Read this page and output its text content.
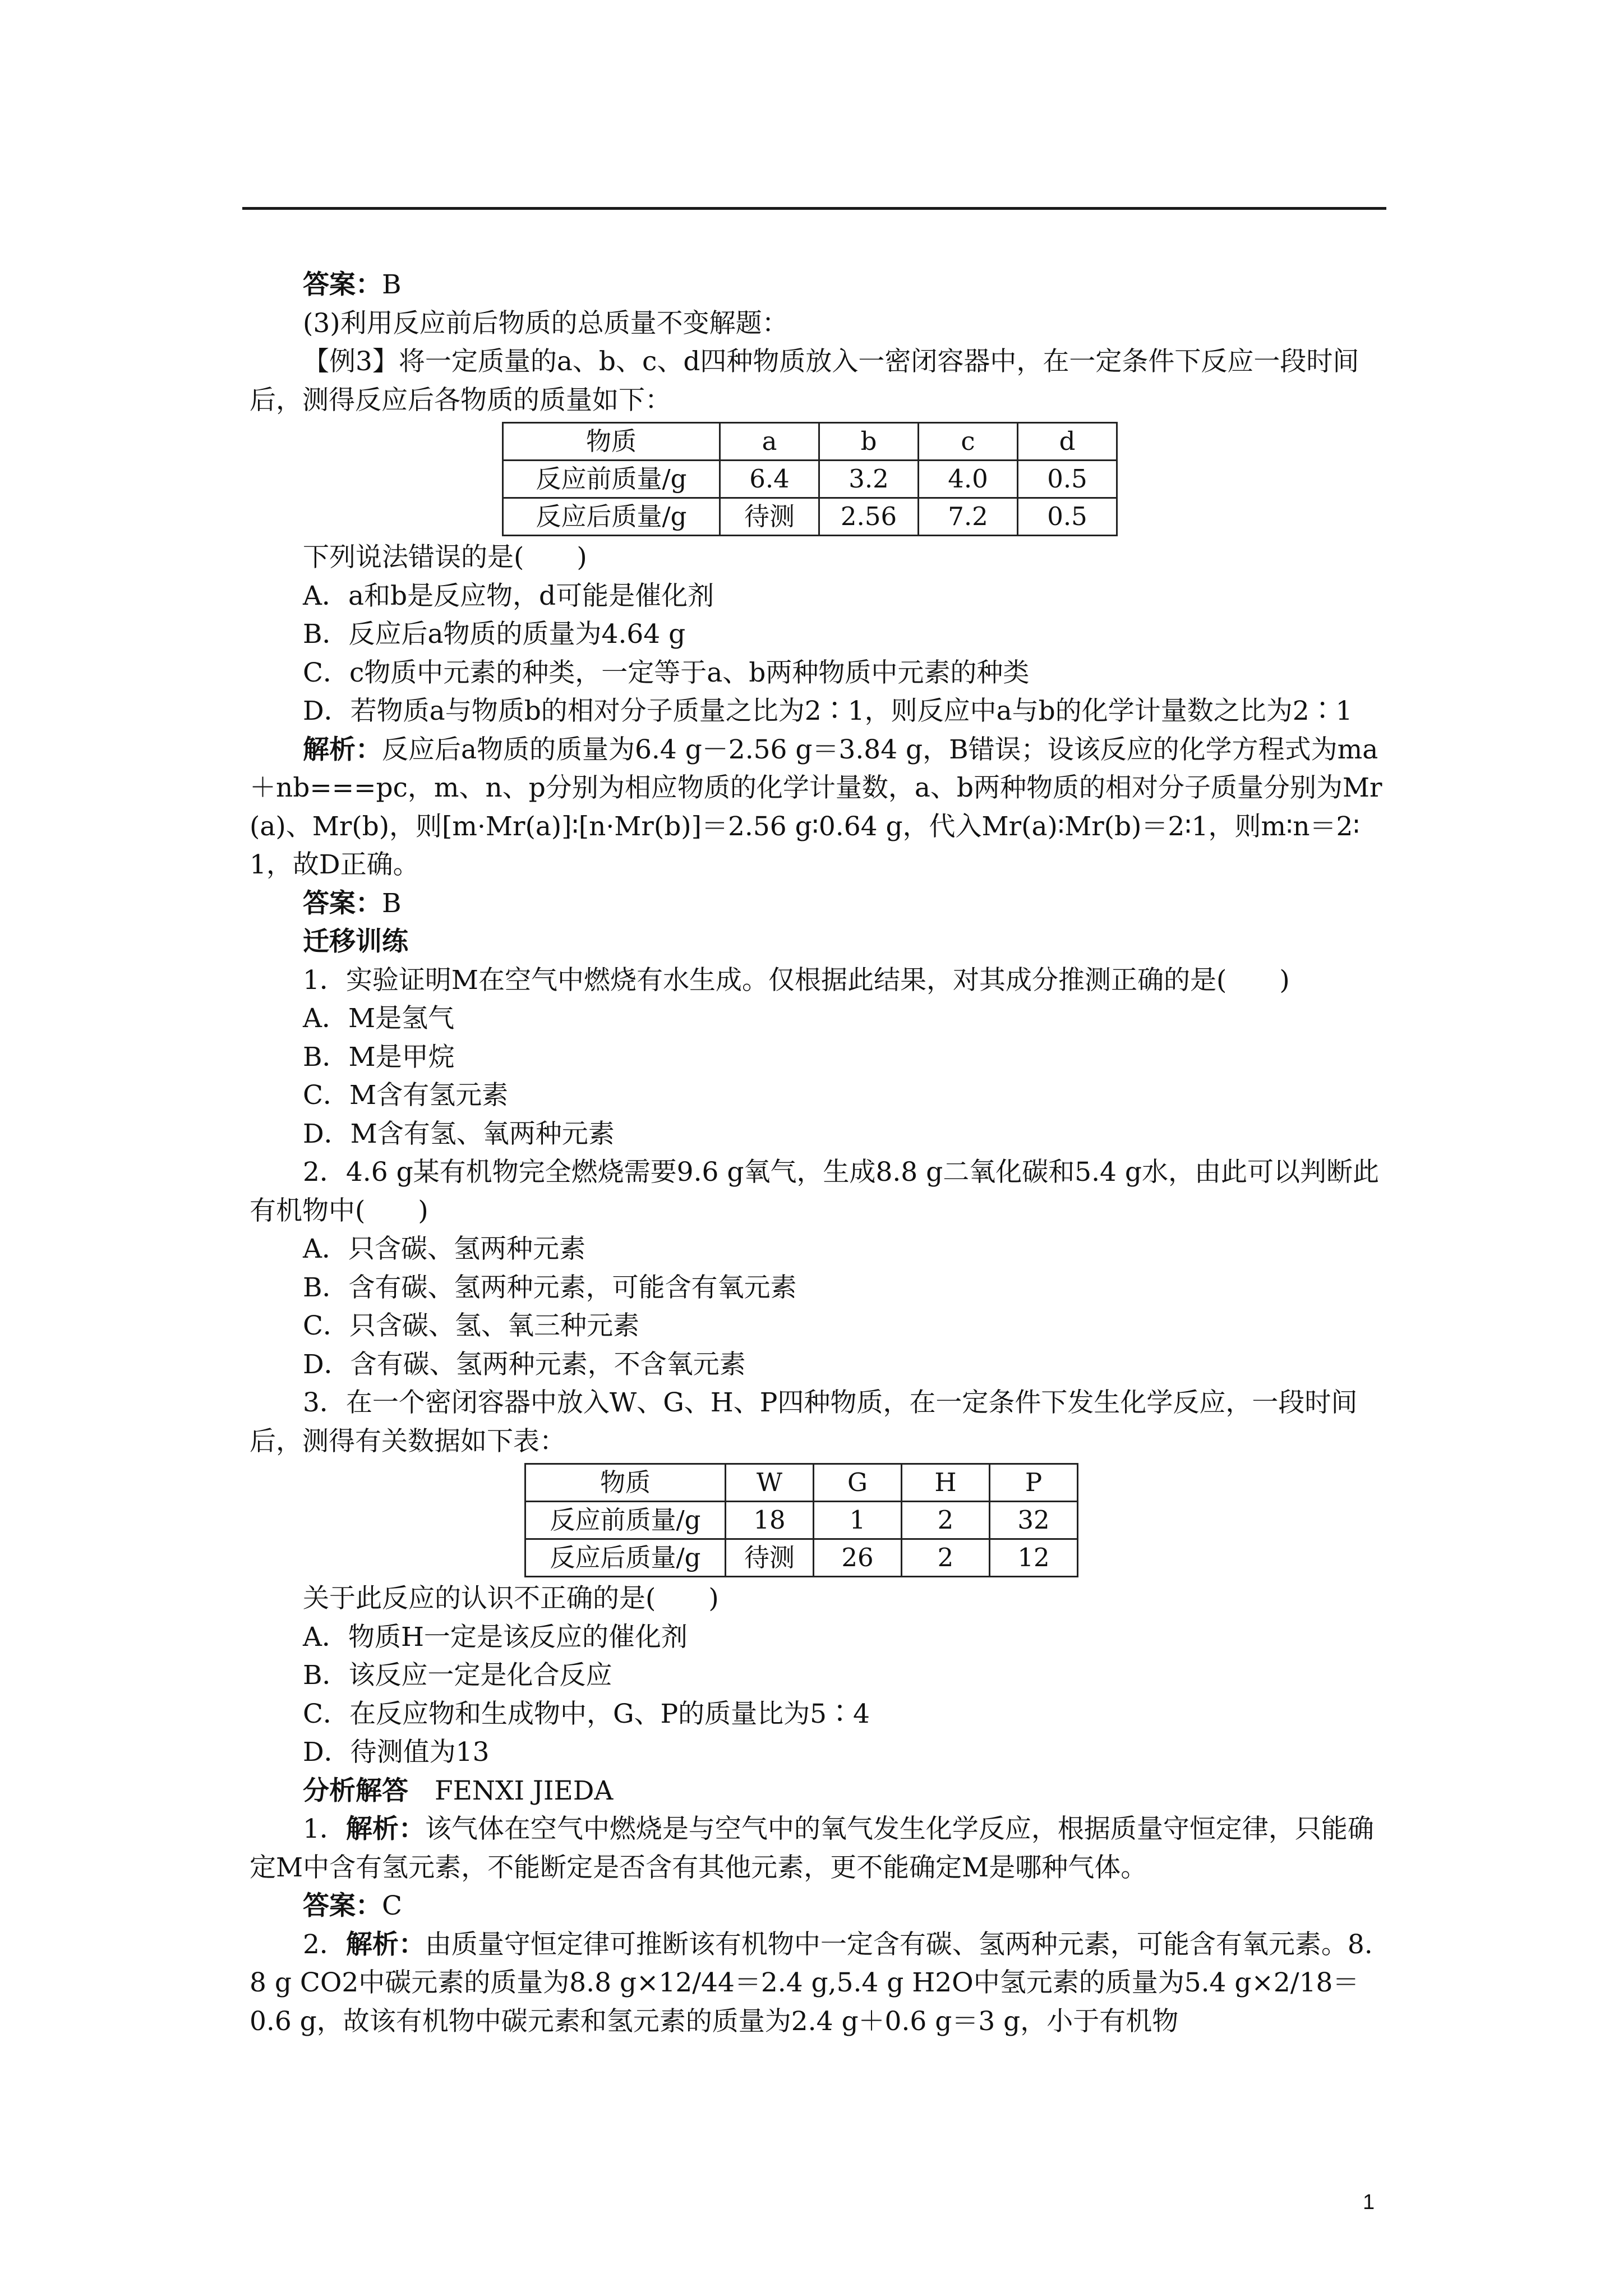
答案：B

(3)利用反应前后物质的总质量不变解题：

【例3】将一定质量的a、b、c、d四种物质放入一密闭容器中，在一定条件下反应一段时间后，测得反应后各物质的质量如下：

物质	a	b	c	d
反应前质量/g	6.4	3.2	4.0	0.5
反应后质量/g	待测	2.56	7.2	0.5

下列说法错误的是(　　)

A．a和b是反应物，d可能是催化剂

B．反应后a物质的质量为4.64 g

C．c物质中元素的种类，一定等于a、b两种物质中元素的种类

D．若物质a与物质b的相对分子质量之比为2∶1，则反应中a与b的化学计量数之比为2∶1

解析：反应后a物质的质量为6.4 g－2.56 g＝3.84 g，B错误；设该反应的化学方程式为ma＋nb===pc，m、n、p分别为相应物质的化学计量数，a、b两种物质的相对分子质量分别为Mr(a)、Mr(b)，则[m·Mr(a)]∶[n·Mr(b)]＝2.56 g∶0.64 g，代入Mr(a)∶Mr(b)＝2∶1，则m∶n＝2∶1，故D正确。

答案：B

迁移训练

1．实验证明M在空气中燃烧有水生成。仅根据此结果，对其成分推测正确的是(　　)

A．M是氢气

B．M是甲烷

C．M含有氢元素

D．M含有氢、氧两种元素

2．4.6 g某有机物完全燃烧需要9.6 g氧气，生成8.8 g二氧化碳和5.4 g水，由此可以判断此有机物中(　　)

A．只含碳、氢两种元素

B．含有碳、氢两种元素，可能含有氧元素

C．只含碳、氢、氧三种元素

D．含有碳、氢两种元素，不含氧元素

3．在一个密闭容器中放入W、G、H、P四种物质，在一定条件下发生化学反应，一段时间后，测得有关数据如下表：

物质	W	G	H	P
反应前质量/g	18	1	2	32
反应后质量/g	待测	26	2	12

关于此反应的认识不正确的是(　　)

A．物质H一定是该反应的催化剂

B．该反应一定是化合反应

C．在反应物和生成物中，G、P的质量比为5∶4

D．待测值为13

分析解答　 FENXI JIEDA

1．解析：该气体在空气中燃烧是与空气中的氧气发生化学反应，根据质量守恒定律，只能确定M中含有氢元素，不能断定是否含有其他元素，更不能确定M是哪种气体。

答案：C

2．解析：由质量守恒定律可推断该有机物中一定含有碳、氢两种元素，可能含有氧元素。8.8 g CO2中碳元素的质量为8.8 g×12/44＝2.4 g,5.4 g H2O中氢元素的质量为5.4 g×2/18＝0.6 g，故该有机物中碳元素和氢元素的质量为2.4 g＋0.6 g＝3 g，小于有机物

1
